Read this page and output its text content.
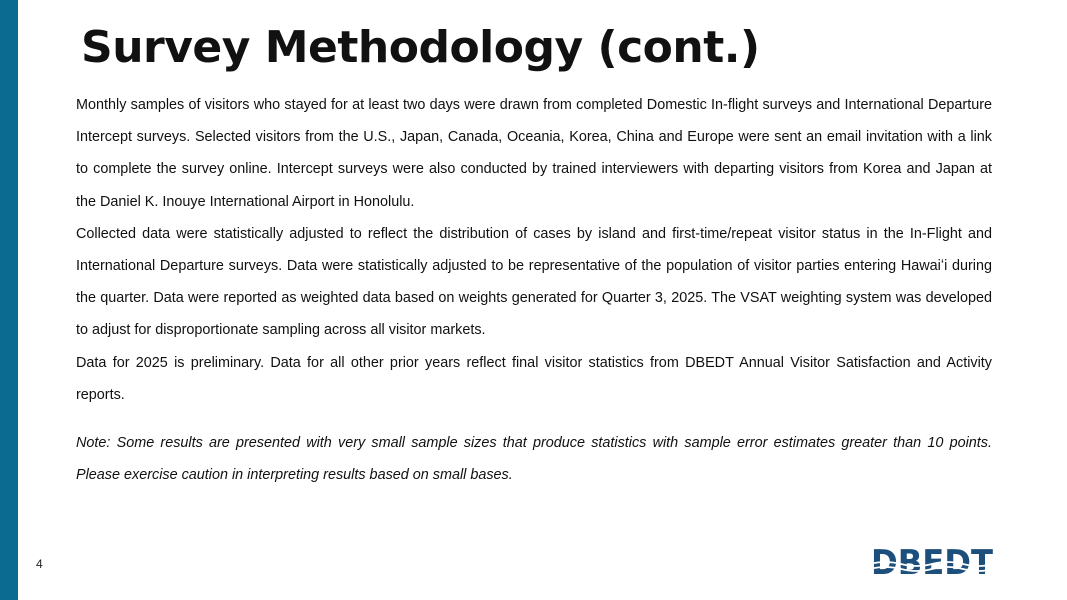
Survey Methodology (cont.)

Monthly samples of visitors who stayed for at least two days were drawn from completed Domestic In-flight surveys and International Departure Intercept surveys. Selected visitors from the U.S., Japan, Canada, Oceania, Korea, China and Europe were sent an email invitation with a link to complete the survey online. Intercept surveys were also conducted by trained interviewers with departing visitors from Korea and Japan at the Daniel K. Inouye International Airport in Honolulu.

Collected data were statistically adjusted to reflect the distribution of cases by island and first-time/repeat visitor status in the In-Flight and International Departure surveys. Data were statistically adjusted to be representative of the population of visitor parties entering Hawaiʻi during the quarter. Data were reported as weighted data based on weights generated for Quarter 3, 2025. The VSAT weighting system was developed to adjust for disproportionate sampling across all visitor markets.

Data for 2025 is preliminary. Data for all other prior years reflect final visitor statistics from DBEDT Annual Visitor Satisfaction and Activity reports.

Note: Some results are presented with very small sample sizes that produce statistics with sample error estimates greater than 10 points. Please exercise caution in interpreting results based on small bases.

4	DBEDT
